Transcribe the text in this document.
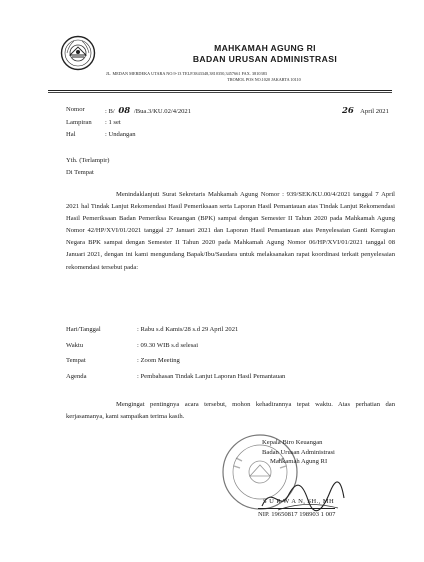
MAHKAMAH AGUNG RI
BADAN URUSAN ADMINISTRASI
JL. MEDAN MERDEKA UTARA NO.9-13 TELP.3843348,3810350,3457661 FAX. 3810383
TROMOL POS NO.1020 JAKARTA 10110
Nomor	: B/ 08 /Bua.3/KU.02/4/2021	26 April 2021
Lampiran : 1 set
Hal	: Undangan
Yth. (Terlampir)
Di Tempat
Menindaklanjuti Surat Sekretaris Mahkamah Agung Nomor : 939/SEK/KU.00/4/2021 tanggal 7 April 2021 hal Tindak Lanjut Rekomendasi Hasil Pemeriksaan serta Laporan Hasil Pemantauan atas Tindak Lanjut Rekomendasi Hasil Pemeriksaan Badan Pemeriksa Keuangan (BPK) sampai dengan Semester II Tahun 2020 pada Mahkamah Agung Nomor 42/HP/XVI/01/2021 tanggal 27 Januari 2021 dan Laporan Hasil Pemantauan atas Penyelesaian Ganti Kerugian Negara BPK sampai dengan Semester II Tahun 2020 pada Mahkamah Agung Nomor 06/HP/XVI/01/2021 tanggal 08 Januari 2021, dengan ini kami mengundang Bapak/Ibu/Saudara untuk melaksanakan rapat koordinasi terkait penyelesaian rekomendasi tersebut pada:
Hari/Tanggal	: Rabu s.d Kamis/28 s.d 29 April 2021
Waktu	: 09.30 WIB s.d selesai
Tempat	: Zoom Meeting
Agenda	: Pembahasan Tindak Lanjut Laporan Hasil Pemantauan
Mengingat pentingnya acara tersebut, mohon kehadirannya tepat waktu. Atas perhatian dan kerjasamanya, kami sampaikan terima kasih.
Kepala Biro Keuangan
Badan Urusan Administrasi
Mahkamah Agung RI
S U R W A N, SH., MH
NIP. 19650817 198903 1 007
